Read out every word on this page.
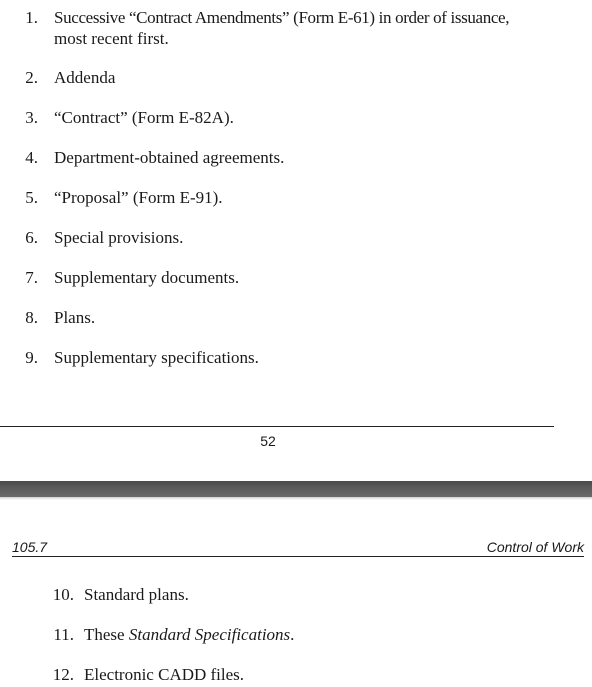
1. Successive “Contract Amendments” (Form E-61) in order of issuance,
most recent first.
2. Addenda
3. “Contract” (Form E-82A).
4. Department-obtained agreements.
5. “Proposal” (Form E-91).
6. Special provisions.
7. Supplementary documents.
8. Plans.
9. Supplementary specifications.
52
105.7	Control of Work
10. Standard plans.
11. These Standard Specifications.
12. Electronic CADD files.
